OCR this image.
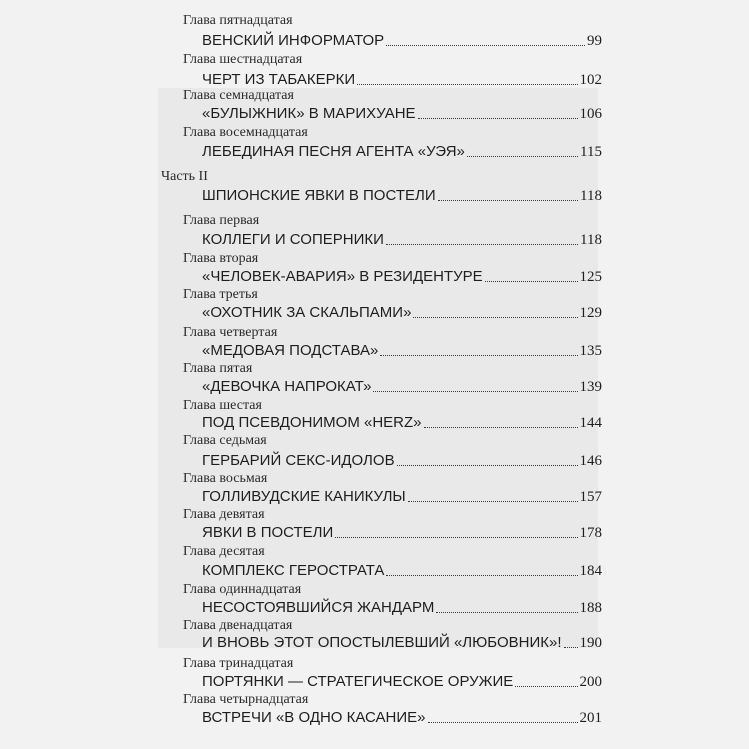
Глава пятнадцатая
ВЕНСКИЙ ИНФОРМАТОР	99
Глава шестнадцатая
ЧЕРТ ИЗ ТАБАКЕРКИ	102
Глава семнадцатая
«БУЛЫЖНИК» В МАРИХУАНЕ	106
Глава восемнадцатая
ЛЕБЕДИНАЯ ПЕСНЯ АГЕНТА «УЭЯ»	115
Часть II
ШПИОНСКИЕ ЯВКИ В ПОСТЕЛИ	118
Глава первая
КОЛЛЕГИ И СОПЕРНИКИ	118
Глава вторая
«ЧЕЛОВЕК-АВАРИЯ» В РЕЗИДЕНТУРЕ	125
Глава третья
«ОХОТНИК ЗА СКАЛЬПАМИ»	129
Глава четвертая
«МЕДОВАЯ ПОДСТАВА»	135
Глава пятая
«ДЕВОЧКА НАПРОКАТ»	139
Глава шестая
ПОД ПСЕВДОНИМОМ «HERZ»	144
Глава седьмая
ГЕРБАРИЙ СЕКС-ИДОЛОВ	146
Глава восьмая
ГОЛЛИВУДСКИЕ КАНИКУЛЫ	157
Глава девятая
ЯВКИ В ПОСТЕЛИ	178
Глава десятая
КОМПЛЕКС ГЕРОСТРАТА	184
Глава одиннадцатая
НЕСОСТОЯВШИЙСЯ ЖАНДАРМ	188
Глава двенадцатая
И ВНОВЬ ЭТОТ ОПОСТЫЛЕВШИЙ «ЛЮБОВНИК»! 190
Глава тринадцатая
ПОРТЯНКИ — СТРАТЕГИЧЕСКОЕ ОРУЖИЕ	200
Глава четырнадцатая
ВСТРЕЧИ «В ОДНО КАСАНИЕ»	201
